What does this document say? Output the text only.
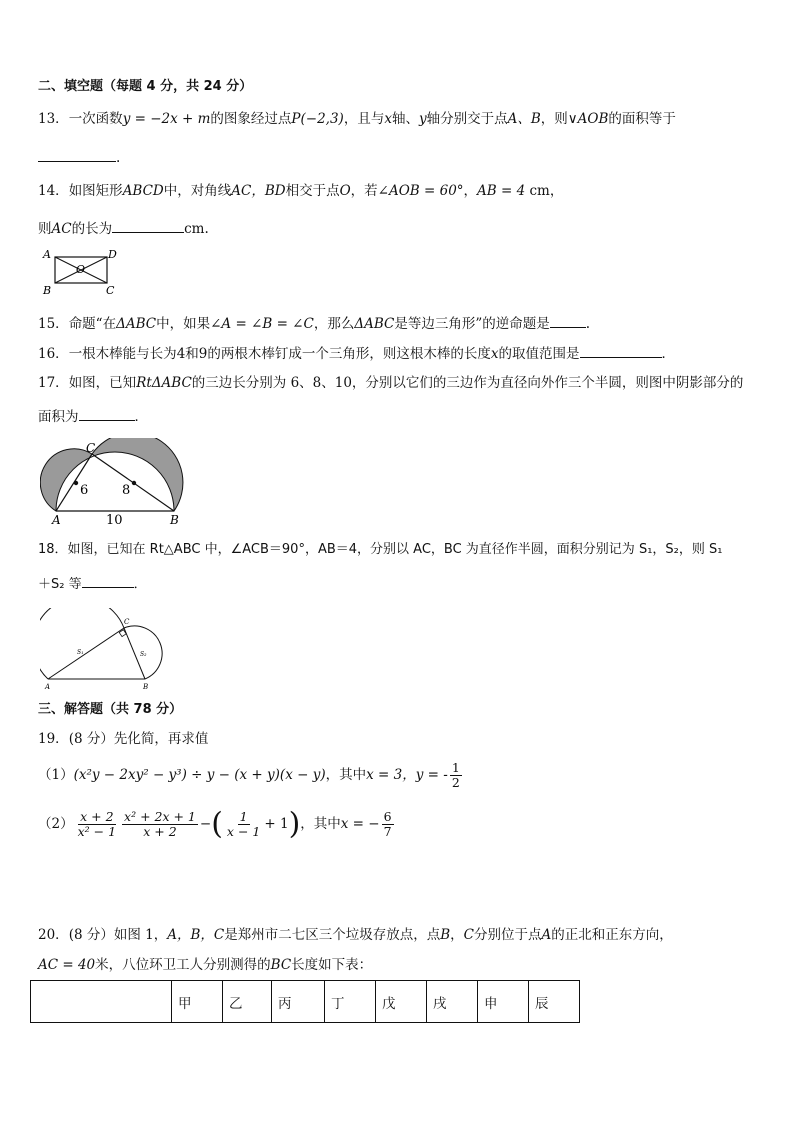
二、填空题（每题 4 分，共 24 分）
13．一次函数y = −2x + m的图象经过点P(−2,3)，且与x轴、y轴分别交于点A、B，则∨AOB的面积等于
.
14．如图矩形ABCD中，对角线AC，BD相交于点O，若∠AOB = 60°，AB = 4 cm，
则AC的长为	cm.
A
B
D
C
O
15．命题“在ΔABC中，如果∠A = ∠B = ∠C，那么ΔABC是等边三角形”的逆命题是	.
16．一根木棒能与长为4和9的两根木棒钉成一个三角形，则这根木棒的长度x的取值范围是	．
17．如图，已知RtΔABC的三边长分别为 6、8、10，分别以它们的三边作为直径向外作三个半圆，则图中阴影部分的
面积为	．
A	B
C
6	8
10
18．如图，已知在 Rt△ABC 中，∠ACB＝90°，AB＝4，分别以 AC，BC 为直径作半圆，面积分别记为 S₁，S₂，则 S₁
＋S₂ 等	．
A	B
C
S₁	S₂
三、解答题（共 78 分）
19．(8 分）先化简，再求值
（1）(x²y − 2xy² − y³) ÷ y − (x + y)(x − y)，其中x = 3，y = - $\frac{1}{2}$
$(2) \frac{x + 2}{\text{x² − 1}} \frac{\text{x² + 2x + 1}}{x + 2}$ −( $\frac{1}{x - 1} + 1$)，其中x = − $\frac{6}{7}$
20．(8 分）如图 1，A，B，C是郑州市二七区三个垃圾存放点，点B，C分别位于点A的正北和正东方向，
AC = 40米，八位环卫工人分别测得的BC长度如下表：
	甲	乙	丙	丁	戊	戌	申	辰
